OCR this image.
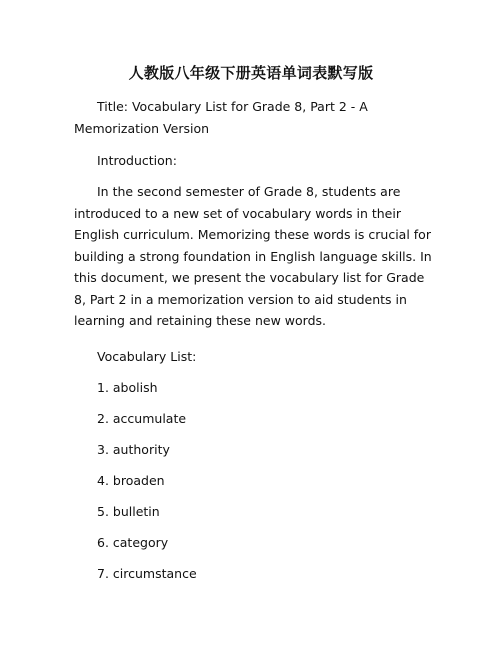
人教版八年级下册英语单词表默写版

Title: Vocabulary List for Grade 8, Part 2 - A Memorization Version

Introduction:

In the second semester of Grade 8, students are introduced to a new set of vocabulary words in their English curriculum. Memorizing these words is crucial for building a strong foundation in English language skills. In this document, we present the vocabulary list for Grade 8, Part 2 in a memorization version to aid students in learning and retaining these new words.

Vocabulary List:

1. abolish

2. accumulate

3. authority

4. broaden

5. bulletin

6. category

7. circumstance
